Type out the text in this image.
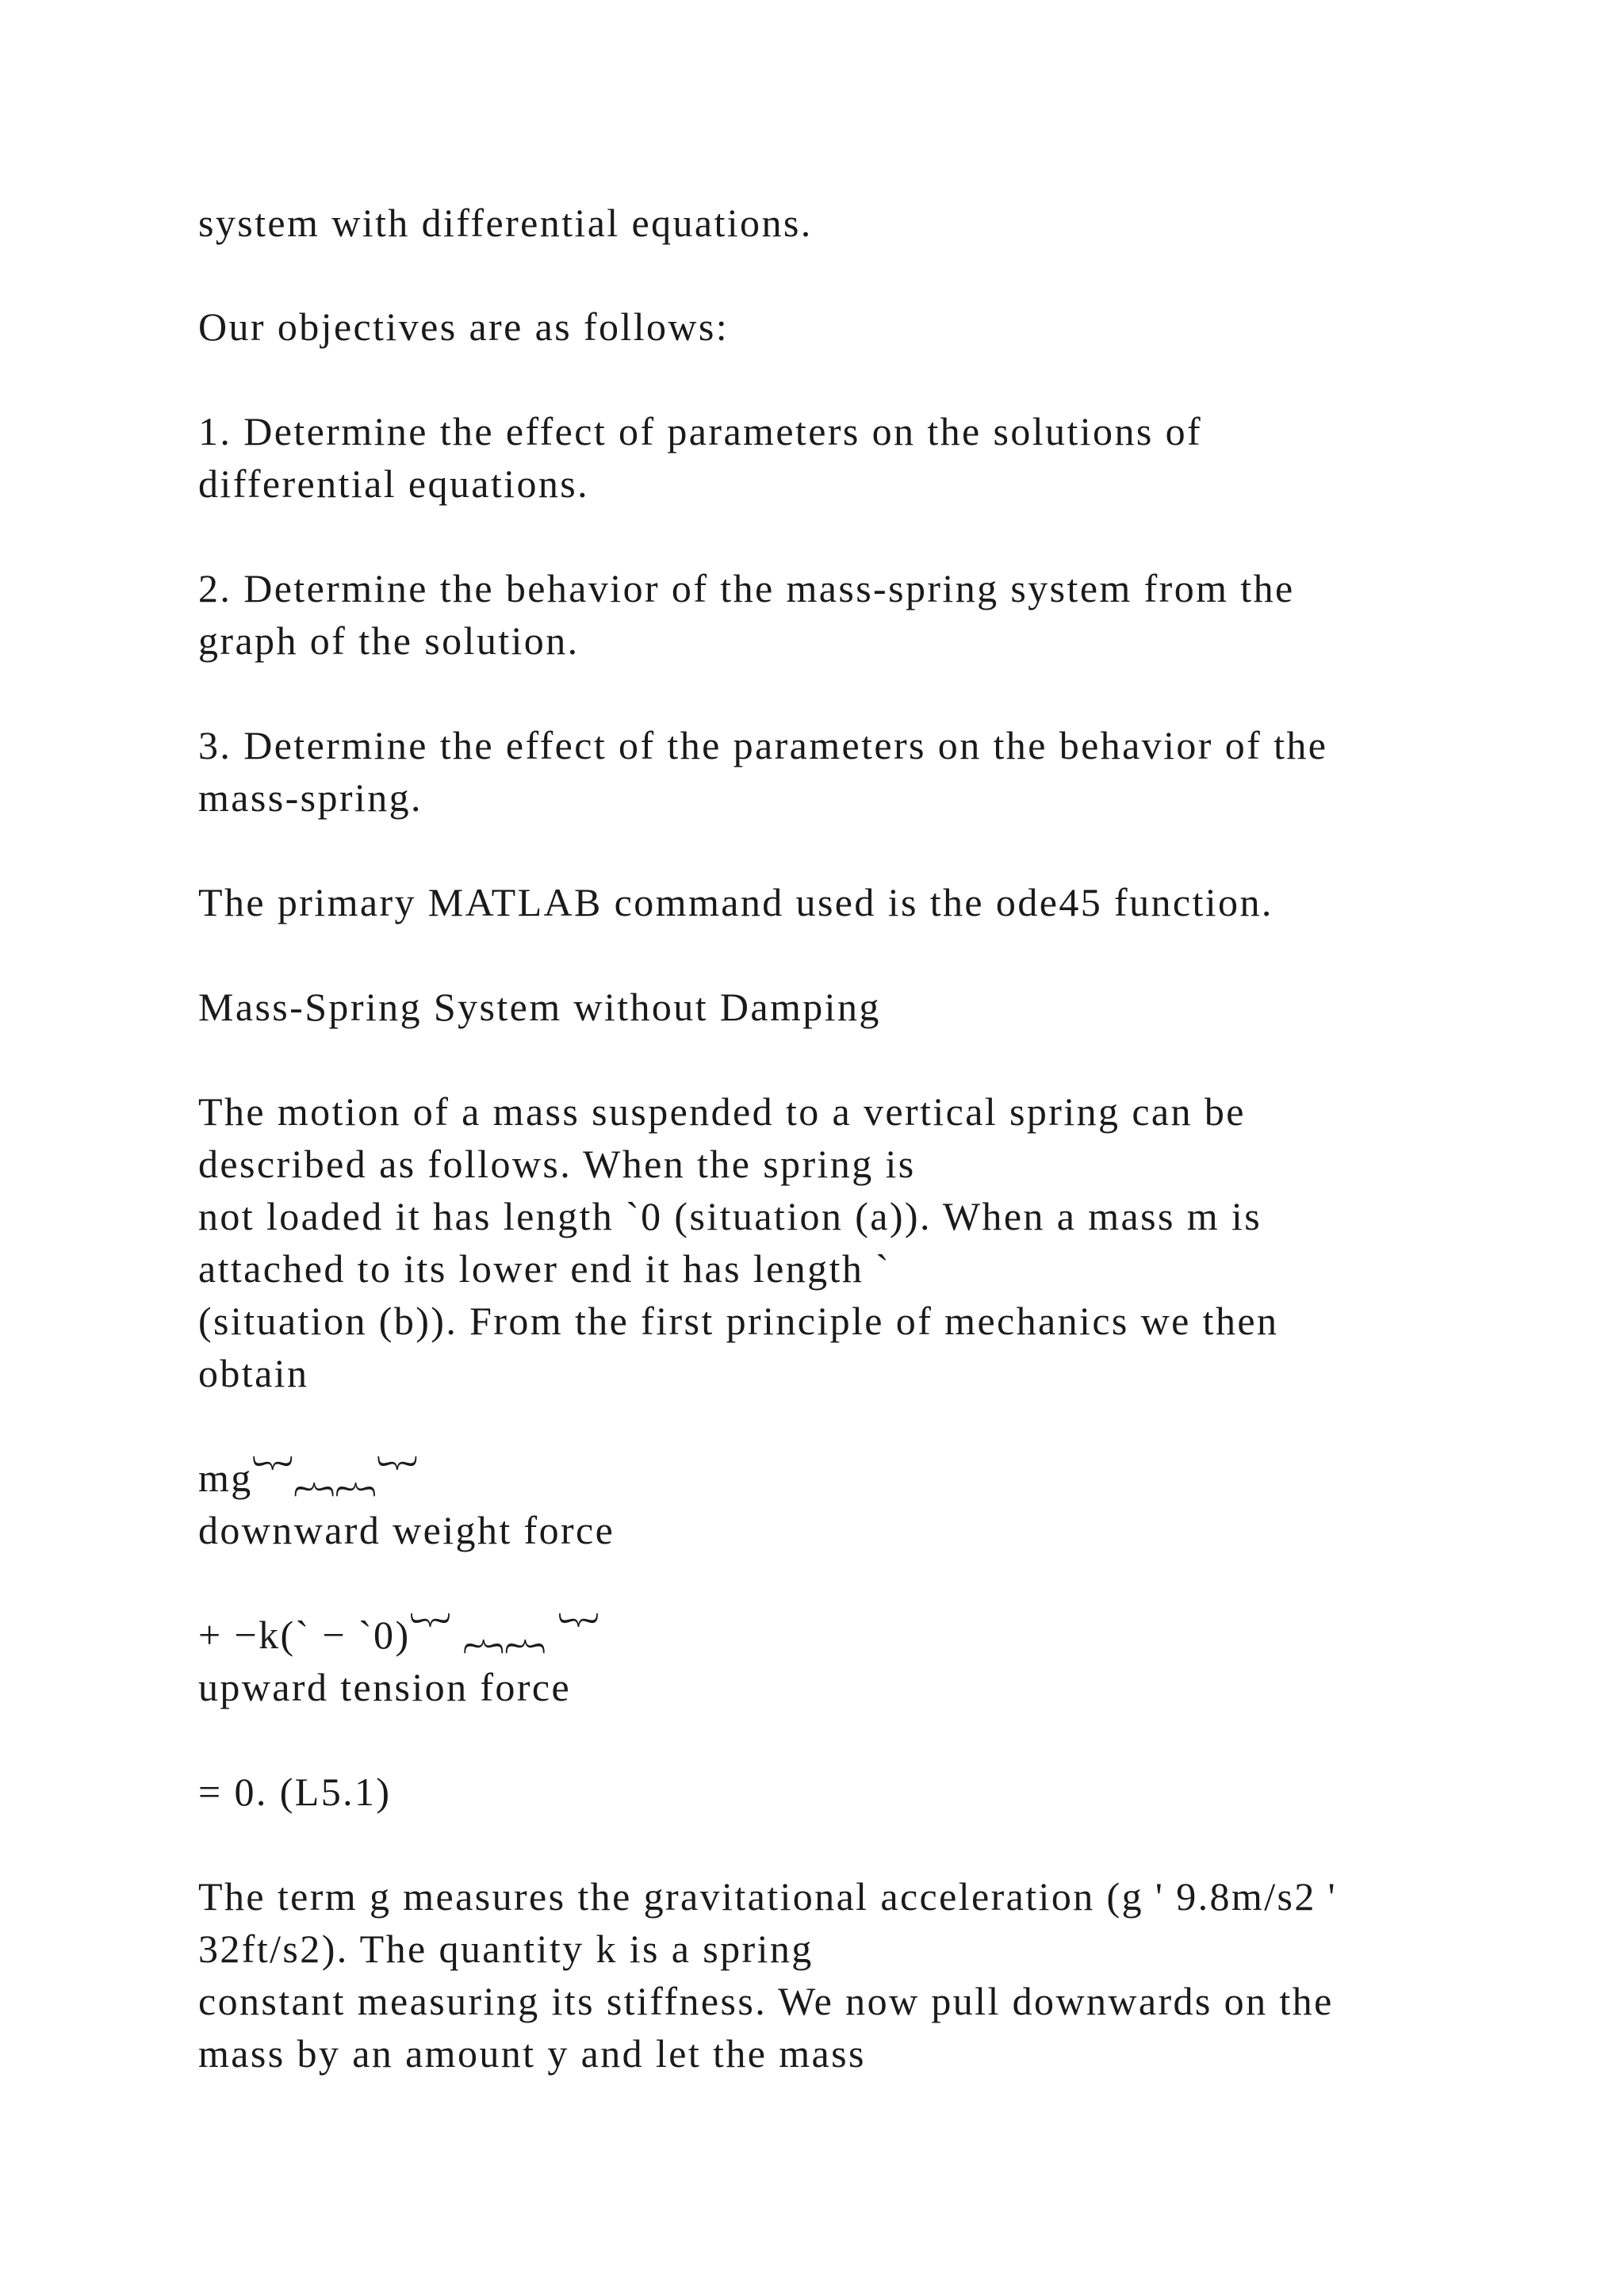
system with differential equations.

Our objectives are as follows:

1. Determine the effect of parameters on the solutions of

differential equations.

2. Determine the behavior of the mass-spring system from the

graph of the solution.

3. Determine the effect of the parameters on the behavior of the

mass-spring.

The primary MATLAB command used is the ode45 function.

Mass-Spring System without Damping

The motion of a mass suspended to a vertical spring can be

described as follows. When the spring is

not loaded it has length `0 (situation (a)). When a mass m is

attached to its lower end it has length `

(situation (b)). From the first principle of mechanics we then

obtain

mg︸︷︷︸

downward weight force

+ −k(` − `0)︸ ︷︷ ︸

upward tension force

= 0. (L5.1)

The term g measures the gravitational acceleration (g ' 9.8m/s2 '

32ft/s2). The quantity k is a spring

constant measuring its stiffness. We now pull downwards on the

mass by an amount y and let the mass
